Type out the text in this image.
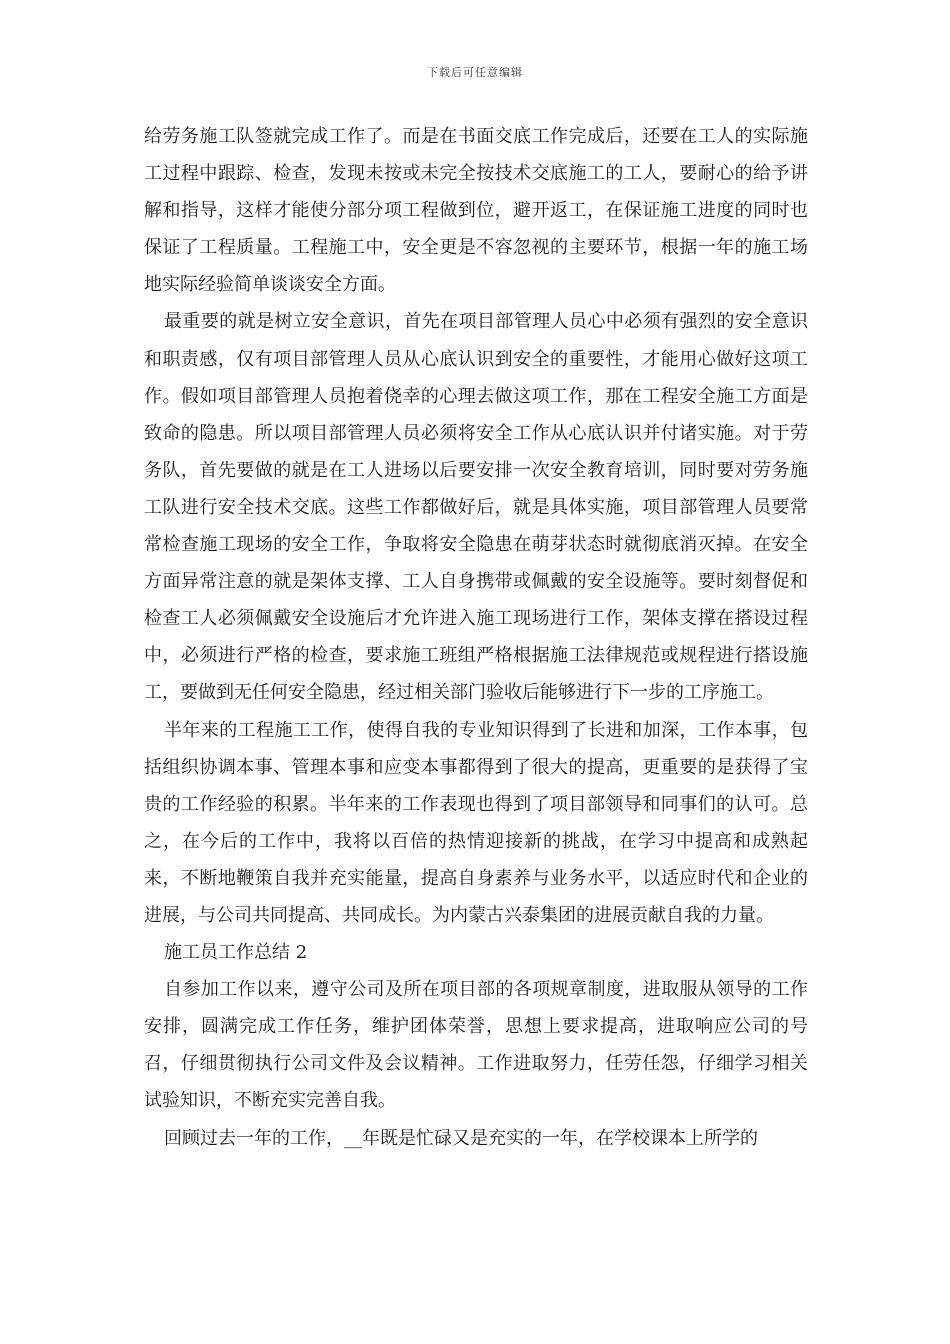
下载后可任意编辑

给劳务施工队签就完成工作了。而是在书面交底工作完成后，还要在工人的实际施工过程中跟踪、检查，发现未按或未完全按技术交底施工的工人，要耐心的给予讲解和指导，这样才能使分部分项工程做到位，避开返工，在保证施工进度的同时也保证了工程质量。工程施工中，安全更是不容忽视的主要环节，根据一年的施工场地实际经验简单谈谈安全方面。

最重要的就是树立安全意识，首先在项目部管理人员心中必须有强烈的安全意识和职责感，仅有项目部管理人员从心底认识到安全的重要性，才能用心做好这项工作。假如项目部管理人员抱着侥幸的心理去做这项工作，那在工程安全施工方面是致命的隐患。所以项目部管理人员必须将安全工作从心底认识并付诸实施。对于劳务队，首先要做的就是在工人进场以后要安排一次安全教育培训，同时要对劳务施工队进行安全技术交底。这些工作都做好后，就是具体实施，项目部管理人员要常常检查施工现场的安全工作，争取将安全隐患在萌芽状态时就彻底消灭掉。在安全方面异常注意的就是架体支撑、工人自身携带或佩戴的安全设施等。要时刻督促和检查工人必须佩戴安全设施后才允许进入施工现场进行工作，架体支撑在搭设过程中，必须进行严格的检查，要求施工班组严格根据施工法律规范或规程进行搭设施工，要做到无任何安全隐患，经过相关部门验收后能够进行下一步的工序施工。

半年来的工程施工工作，使得自我的专业知识得到了长进和加深，工作本事，包括组织协调本事、管理本事和应变本事都得到了很大的提高，更重要的是获得了宝贵的工作经验的积累。半年来的工作表现也得到了项目部领导和同事们的认可。总之，在今后的工作中，我将以百倍的热情迎接新的挑战，在学习中提高和成熟起来，不断地鞭策自我并充实能量，提高自身素养与业务水平，以适应时代和企业的进展，与公司共同提高、共同成长。为内蒙古兴泰集团的进展贡献自我的力量。

施工员工作总结 2

自参加工作以来，遵守公司及所在项目部的各项规章制度，进取服从领导的工作安排，圆满完成工作任务，维护团体荣誉，思想上要求提高，进取响应公司的号召，仔细贯彻执行公司文件及会议精神。工作进取努力，任劳任怨，仔细学习相关试验知识，不断充实完善自我。

回顾过去一年的工作，__年既是忙碌又是充实的一年，在学校课本上所学的
